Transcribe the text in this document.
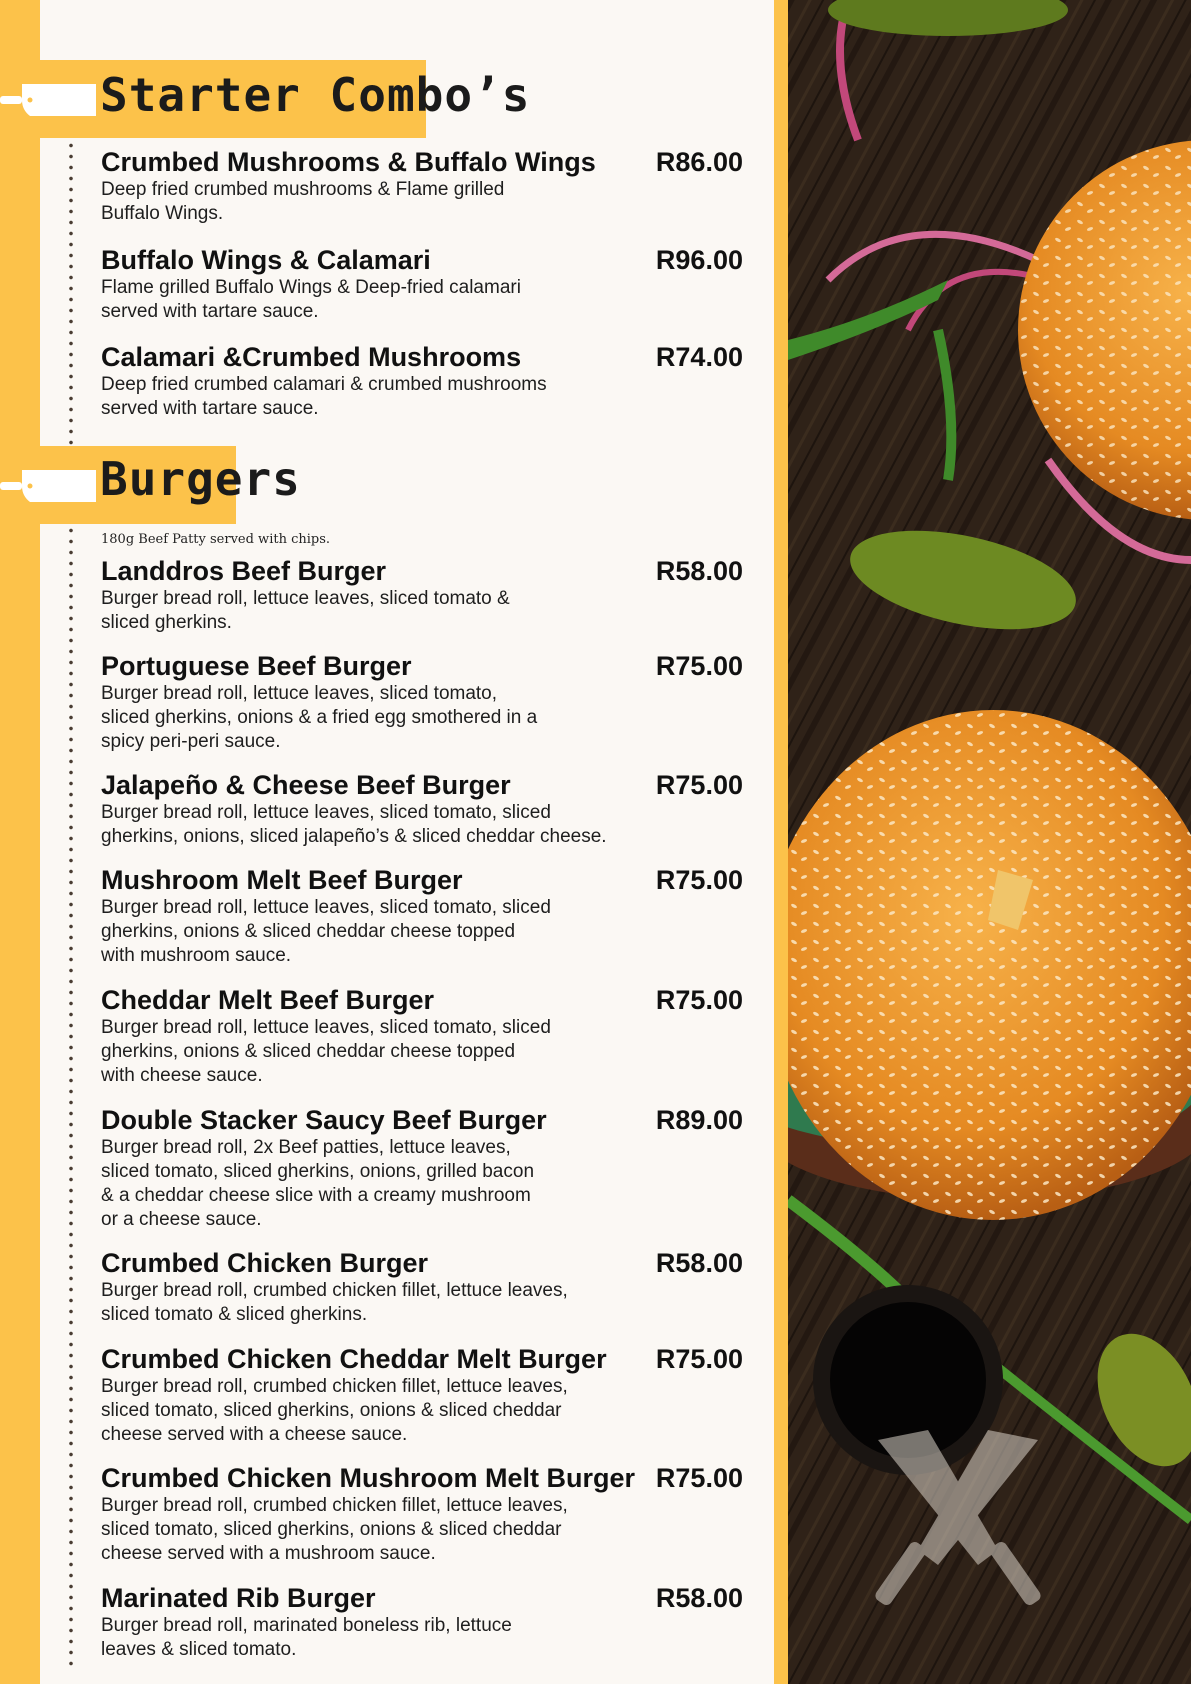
Starter Combo’s
Crumbed Mushrooms & Buffalo Wings	R86.00
Deep fried crumbed mushrooms & Flame grilled
Buffalo Wings.
Buffalo Wings & Calamari	R96.00
Flame grilled Buffalo Wings & Deep-fried calamari
served with tartare sauce.
Calamari &Crumbed Mushrooms	R74.00
Deep fried crumbed calamari & crumbed mushrooms
served with tartare sauce.
Burgers
180g Beef Patty served with chips.
Landdros Beef Burger	R58.00
Burger bread roll, lettuce leaves, sliced tomato &
sliced gherkins.
Portuguese Beef Burger	R75.00
Burger bread roll, lettuce leaves, sliced tomato,
sliced gherkins, onions & a fried egg smothered in a
spicy peri-peri sauce.
Jalapeño & Cheese Beef Burger	R75.00
Burger bread roll, lettuce leaves, sliced tomato, sliced
gherkins, onions, sliced jalapeño’s & sliced cheddar cheese.
Mushroom Melt Beef Burger	R75.00
Burger bread roll, lettuce leaves, sliced tomato, sliced
gherkins, onions & sliced cheddar cheese topped
with mushroom sauce.
Cheddar Melt Beef Burger	R75.00
Burger bread roll, lettuce leaves, sliced tomato, sliced
gherkins, onions & sliced cheddar cheese topped
with cheese sauce.
Double Stacker Saucy Beef Burger	R89.00
Burger bread roll, 2x Beef patties, lettuce leaves,
sliced tomato, sliced gherkins, onions, grilled bacon
& a cheddar cheese slice with a creamy mushroom
or a cheese sauce.
Crumbed Chicken Burger	R58.00
Burger bread roll, crumbed chicken fillet, lettuce leaves,
sliced tomato & sliced gherkins.
Crumbed Chicken Cheddar Melt Burger	R75.00
Burger bread roll, crumbed chicken fillet, lettuce leaves,
sliced tomato, sliced gherkins, onions & sliced cheddar
cheese served with a cheese sauce.
Crumbed Chicken Mushroom Melt Burger R75.00
Burger bread roll, crumbed chicken fillet, lettuce leaves,
sliced tomato, sliced gherkins, onions & sliced cheddar
cheese served with a mushroom sauce.
Marinated Rib Burger	R58.00
Burger bread roll, marinated boneless rib, lettuce
leaves & sliced tomato.
